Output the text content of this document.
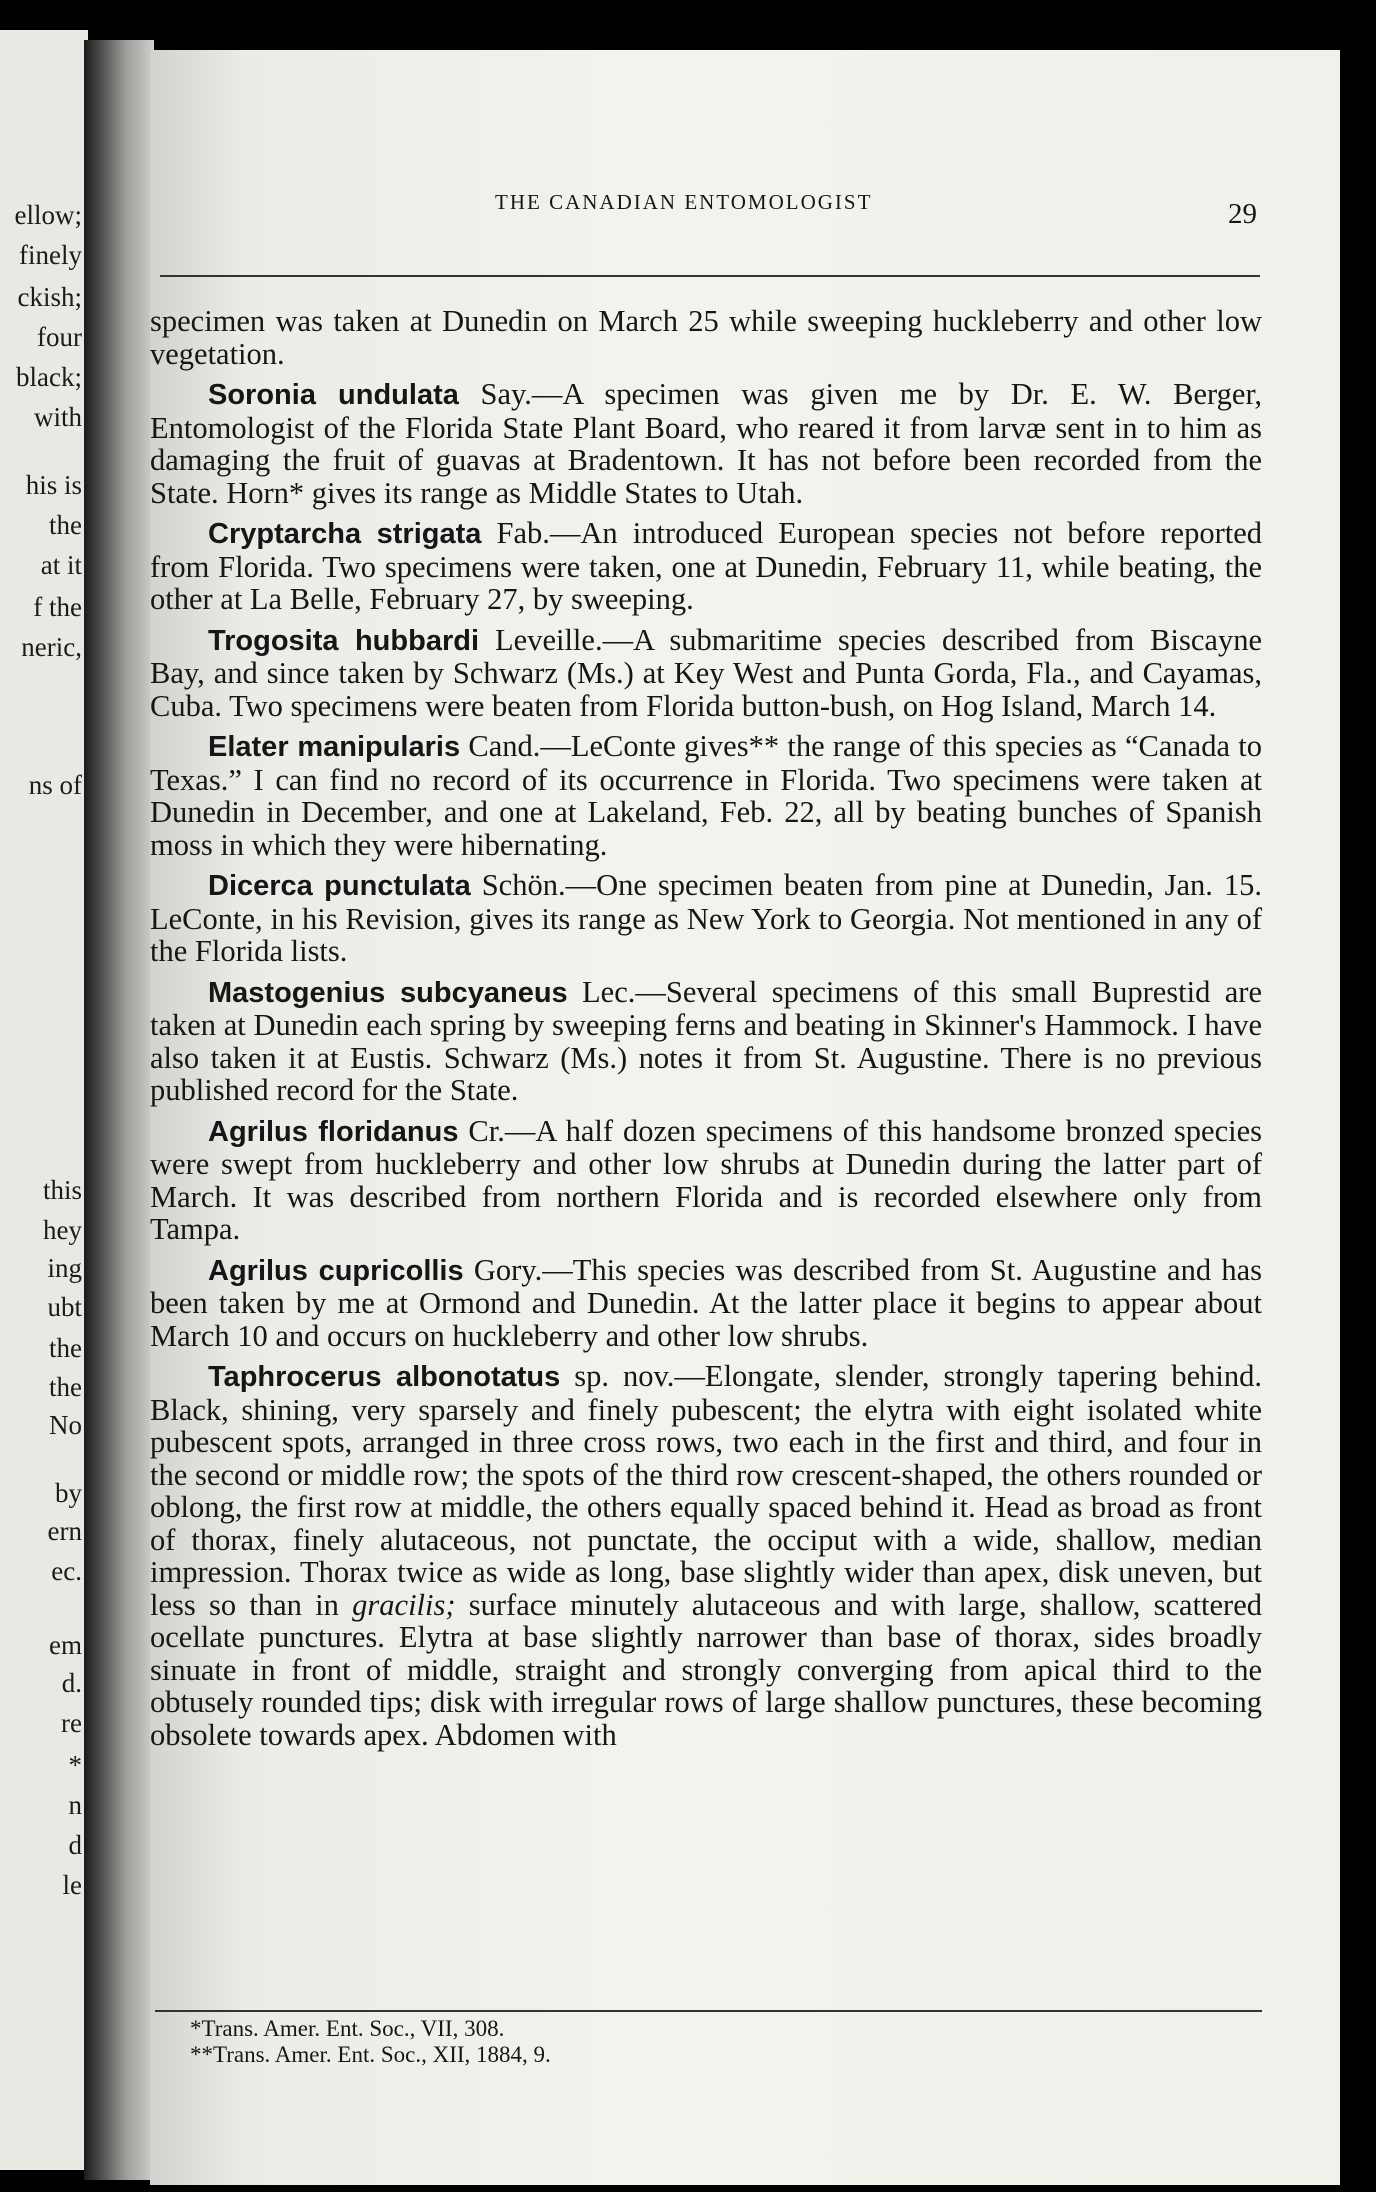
ellow;
finely
ckish;
four
black;
with
his is
the
at it
f the
neric,
ns of
this
hey
ing
ubt
the
the
No
by
ern
ec.
em
d.
re
*
n
d
le
THE CANADIAN ENTOMOLOGIST	29

specimen was taken at Dunedin on March 25 while sweeping huckleberry and other low vegetation.

Soronia undulata Say.—A specimen was given me by Dr. E. W. Berger, Entomologist of the Florida State Plant Board, who reared it from larvæ sent in to him as damaging the fruit of guavas at Bradentown. It has not before been recorded from the State. Horn* gives its range as Middle States to Utah.

Cryptarcha strigata Fab.—An introduced European species not before reported from Florida. Two specimens were taken, one at Dunedin, February 11, while beating, the other at La Belle, February 27, by sweeping.

Trogosita hubbardi Leveille.—A submaritime species described from Biscayne Bay, and since taken by Schwarz (Ms.) at Key West and Punta Gorda, Fla., and Cayamas, Cuba. Two specimens were beaten from Florida button-bush, on Hog Island, March 14.

Elater manipularis Cand.—LeConte gives** the range of this species as “Canada to Texas.” I can find no record of its occurrence in Florida. Two specimens were taken at Dunedin in December, and one at Lakeland, Feb. 22, all by beating bunches of Spanish moss in which they were hibernating.

Dicerca punctulata Schön.—One specimen beaten from pine at Dunedin, Jan. 15. LeConte, in his Revision, gives its range as New York to Georgia. Not mentioned in any of the Florida lists.

Mastogenius subcyaneus Lec.—Several specimens of this small Buprestid are taken at Dunedin each spring by sweeping ferns and beating in Skinner's Hammock. I have also taken it at Eustis. Schwarz (Ms.) notes it from St. Augustine. There is no previous published record for the State.

Agrilus floridanus Cr.—A half dozen specimens of this handsome bronzed species were swept from huckleberry and other low shrubs at Dunedin during the latter part of March. It was described from northern Florida and is recorded elsewhere only from Tampa.

Agrilus cupricollis Gory.—This species was described from St. Augustine and has been taken by me at Ormond and Dunedin. At the latter place it begins to appear about March 10 and occurs on huckleberry and other low shrubs.

Taphrocerus albonotatus sp. nov.—Elongate, slender, strongly tapering behind. Black, shining, very sparsely and finely pubescent; the elytra with eight isolated white pubescent spots, arranged in three cross rows, two each in the first and third, and four in the second or middle row; the spots of the third row crescent-shaped, the others rounded or oblong, the first row at middle, the others equally spaced behind it. Head as broad as front of thorax, finely alutaceous, not punctate, the occiput with a wide, shallow, median impression. Thorax twice as wide as long, base slightly wider than apex, disk uneven, but less so than in gracilis; surface minutely alutaceous and with large, shallow, scattered ocellate punctures. Elytra at base slightly narrower than base of thorax, sides broadly sinuate in front of middle, straight and strongly converging from apical third to the obtusely rounded tips; disk with irregular rows of large shallow punctures, these becoming obsolete towards apex. Abdomen with

*Trans. Amer. Ent. Soc., VII, 308.
**Trans. Amer. Ent. Soc., XII, 1884, 9.
